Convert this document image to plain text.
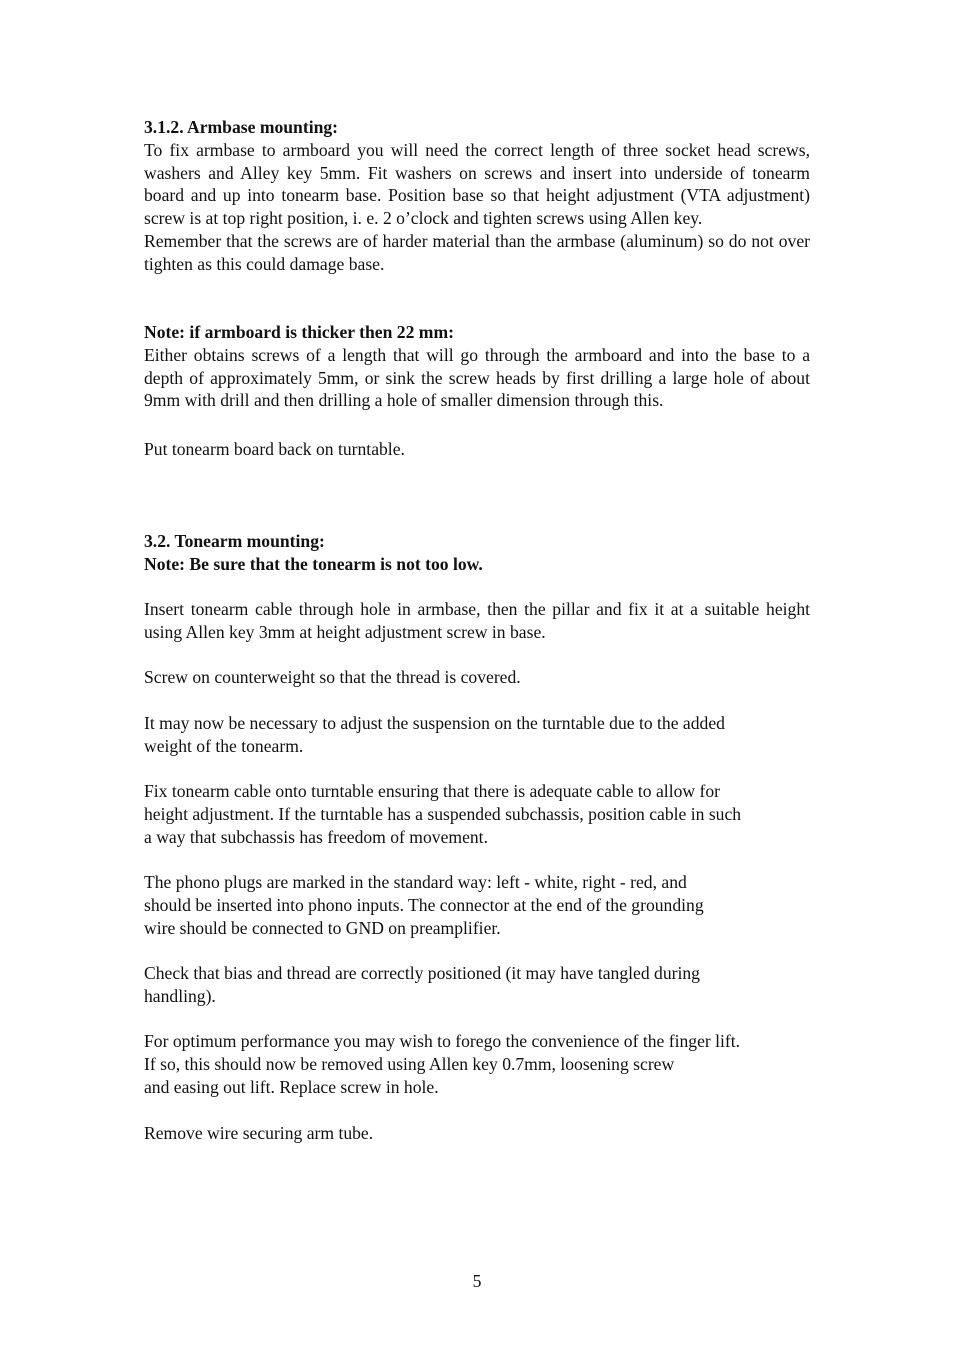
3.1.2. Armbase mounting:

To fix armbase to armboard you will need the correct length of three socket head screws, washers and Alley key 5mm. Fit washers on screws and insert into underside of tonearm board and up into tonearm base. Position base so that height adjustment (VTA adjustment) screw is at top right position, i. e. 2 o’clock and tighten screws using Allen key.

Remember that the screws are of harder material than the armbase (aluminum) so do not over tighten as this could damage base.

Note: if armboard is thicker then 22 mm:

Either obtains screws of a length that will go through the armboard and into the base to a depth of approximately 5mm, or sink the screw heads by first drilling a large hole of about 9mm with drill and then drilling a hole of smaller dimension through this.

Put tonearm board back on turntable.

3.2. Tonearm mounting:

Note: Be sure that the tonearm is not too low.

Insert tonearm cable through hole in armbase, then the pillar and fix it at a suitable height using Allen key 3mm at height adjustment screw in base.

Screw on counterweight so that the thread is covered.

It may now be necessary to adjust the suspension on the turntable due to the added

weight of the tonearm.

Fix tonearm cable onto turntable ensuring that there is adequate cable to allow for

height adjustment. If the turntable has a suspended subchassis, position cable in such

a way that subchassis has freedom of movement.

The phono plugs are marked in the standard way: left - white, right - red, and

should be inserted into phono inputs. The connector at the end of the grounding

wire should be connected to GND on preamplifier.

Check that bias and thread are correctly positioned (it may have tangled during

handling).

For optimum performance you may wish to forego the convenience of the finger lift.

If so, this should now be removed using Allen key 0.7mm, loosening screw

and easing out lift. Replace screw in hole.

Remove wire securing arm tube.

5
